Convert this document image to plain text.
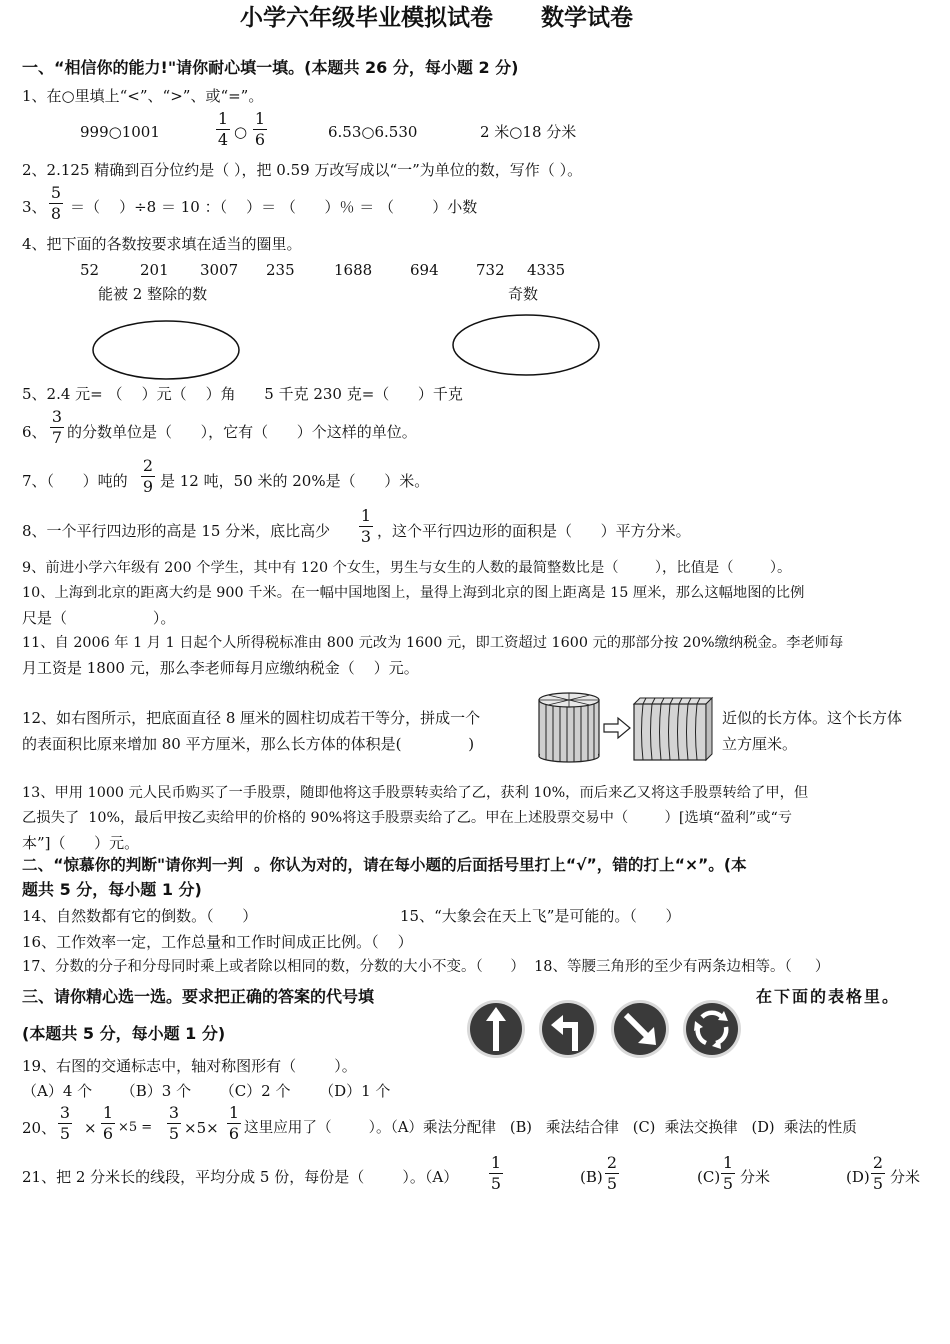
小学六年级毕业模拟试卷      数学试卷
一、“相信你的能力!"请你耐心填一填。(本题共 26 分，每小题 2 分)
1、在○里填上“<”、“>”、或“=”。
999○1001
1
4 ○
1
6	6.53○6.530	2 米○18 分米
2、2.125 精确到百分位约是（ ），把 0.59 万改写成以“一”为单位的数，写作（ ）。
3、
5
8 ＝（    ）÷8 ＝ 10 ：（    ）＝ （      ）％ ＝ （        ）小数
4、把下面的各数按要求填在适当的圈里。
52	201 3007 235	1688	694 732 4335
能被 2 整除的数	奇数
5、2.4 元= （    ）元（    ）角      5 千克 230 克=（      ）千克
6、
3
7 的分数单位是（      ），它有（      ）个这样的单位。
7、（      ）吨的
2
9 是 12 吨，50 米的 20%是（      ）米。
8、一个平行四边形的高是 15 分米，底比高少
1
3 ，这个平行四边形的面积是（      ）平方分米。
9、前进小学六年级有 200 个学生，其中有 120 个女生，男生与女生的人数的最简整数比是（        ），比值是（        ）。
10、上海到北京的距离大约是 900 千米。在一幅中国地图上，量得上海到北京的图上距离是 15 厘米，那么这幅地图的比例
尺是（                  ）。
11、自 2006 年 1 月 1 日起个人所得税标准由 800 元改为 1600 元，即工资超过 1600 元的那部分按 20%缴纳税金。李老师每
月工资是 1800 元，那么李老师每月应缴纳税金（    ）元。
12、如右图所示，把底面直径 8 厘米的圆柱切成若干等分，拼成一个
的表面积比原来增加 80 平方厘米，那么长方体的体积是(              )
近似的长方体。这个长方体
立方厘米。
13、甲用 1000 元人民币购买了一手股票，随即他将这手股票转卖给了乙，获利 10%，而后来乙又将这手股票转给了甲，但
乙损失了  10%，最后甲按乙卖给甲的价格的 90%将这手股票卖给了乙。甲在上述股票交易中（        ）[选填“盈利”或“亏
本”]（      ）元。
二、“惊慕你的判断"请你判一判  。你认为对的，请在每小题的后面括号里打上“√”，错的打上“×”。(本
题共 5 分，每小题 1 分)
14、自然数都有它的倒数。（      ）	15、“大象会在天上飞”是可能的。（      ）
16、工作效率一定，工作总量和工作时间成正比例。（    ）
17、分数的分子和分母同时乘上或者除以相同的数，分数的大小不变。（      ）  18、等腰三角形的至少有两条边相等。（     ）
三、请你精心选一选。要求把正确的答案的代号填	在下面的表格里。
(本题共 5 分，每小题 1 分)
19、右图的交通标志中，轴对称图形有（        ）。
（A）4 个      （B）3 个      （C）2 个      （D）1 个
20、
3
5 ×
1
6 ×5 =
3
5 ×5×
1
6 这里应用了（        ）。（A）乘法分配律   (B)   乘法结合律   (C)  乘法交换律   (D)  乘法的性质
21、把 2 分米长的线段，平均分成 5 份，每份是（        ）。（A）
1
5	(B)
2
5	(C)
1
5 分米	(D)
2
5 分米
